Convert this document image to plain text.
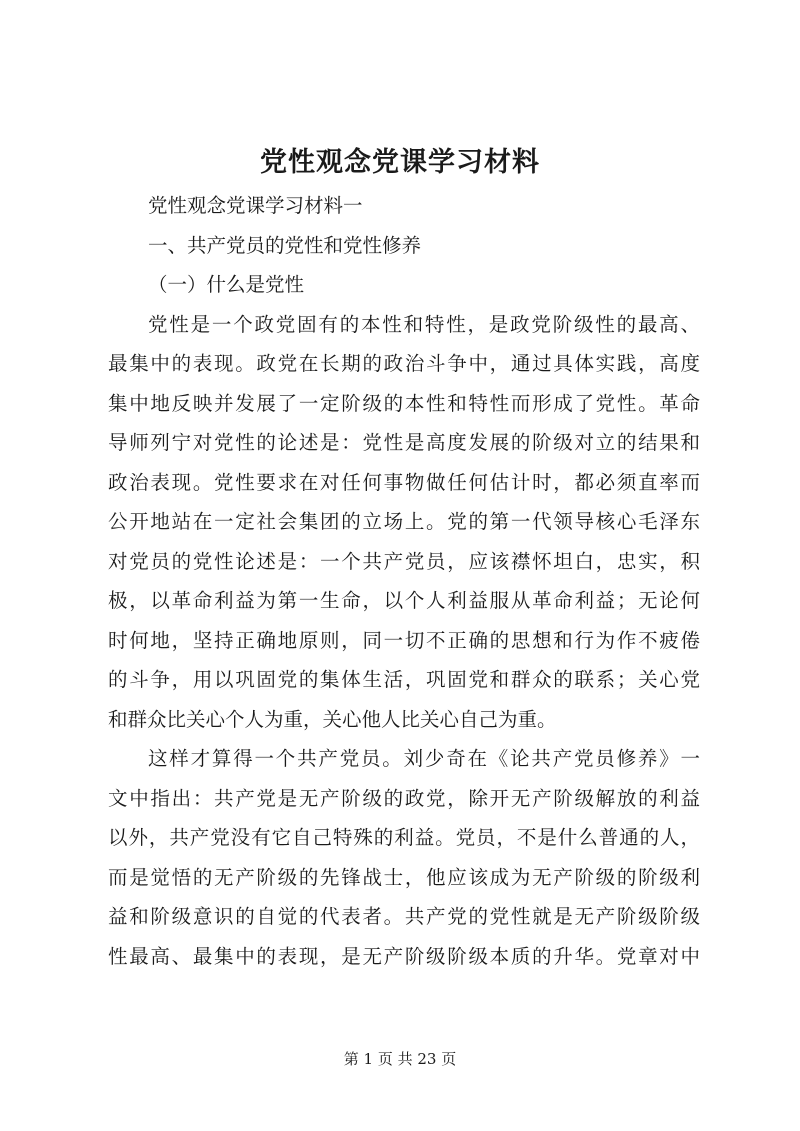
党性观念党课学习材料
党性观念党课学习材料一
一、共产党员的党性和党性修养
（一）什么是党性
党性是一个政党固有的本性和特性，是政党阶级性的最高、
最集中的表现。政党在长期的政治斗争中，通过具体实践，高度
集中地反映并发展了一定阶级的本性和特性而形成了党性。革命
导师列宁对党性的论述是：党性是高度发展的阶级对立的结果和
政治表现。党性要求在对任何事物做任何估计时，都必须直率而
公开地站在一定社会集团的立场上。党的第一代领导核心毛泽东
对党员的党性论述是：一个共产党员，应该襟怀坦白，忠实，积
极，以革命利益为第一生命，以个人利益服从革命利益；无论何
时何地，坚持正确地原则，同一切不正确的思想和行为作不疲倦
的斗争，用以巩固党的集体生活，巩固党和群众的联系；关心党
和群众比关心个人为重，关心他人比关心自己为重。
这样才算得一个共产党员。刘少奇在《论共产党员修养》一
文中指出：共产党是无产阶级的政党，除开无产阶级解放的利益
以外，共产党没有它自己特殊的利益。党员，不是什么普通的人，
而是觉悟的无产阶级的先锋战士，他应该成为无产阶级的阶级利
益和阶级意识的自觉的代表者。共产党的党性就是无产阶级阶级
性最高、最集中的表现，是无产阶级阶级本质的升华。党章对中
第 1 页 共 23 页
